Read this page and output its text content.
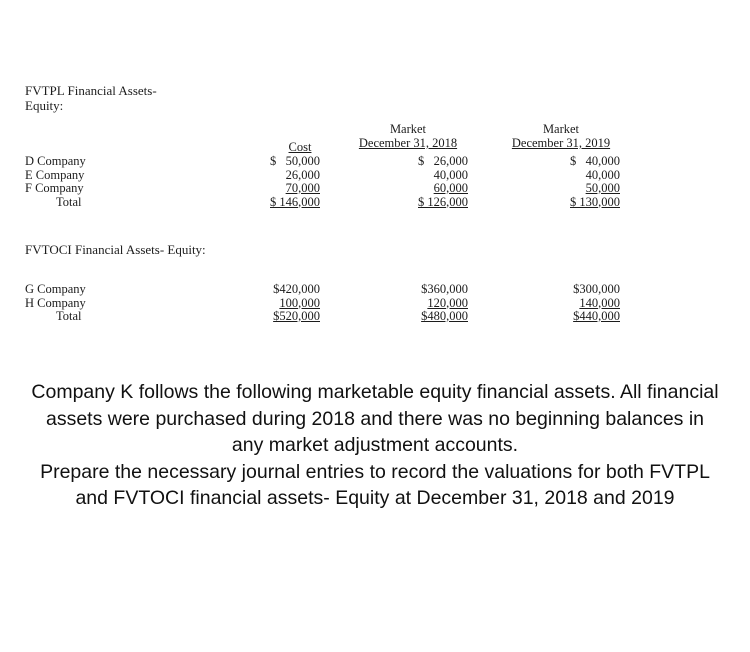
FVTPL Financial Assets-
Equity:
Cost
Market
December 31, 2018
Market
December 31, 2019
D Company
E Company
F Company
Total
$   50,000
26,000
70,000
$ 146,000
$   26,000
40,000
60,000
$ 126,000
$   40,000
40,000
50,000
$ 130,000
FVTOCI Financial Assets- Equity:
G Company
H Company
Total
$420,000
100,000
$520,000
$360,000
120,000
$480,000
$300,000
140,000
$440,000

Company K follows the following marketable equity financial assets. All financial assets were purchased during 2018 and there was no beginning balances in any market adjustment accounts.

Prepare the necessary journal entries to record the valuations for both FVTPL and FVTOCI financial assets- Equity at December 31, 2018 and 2019
